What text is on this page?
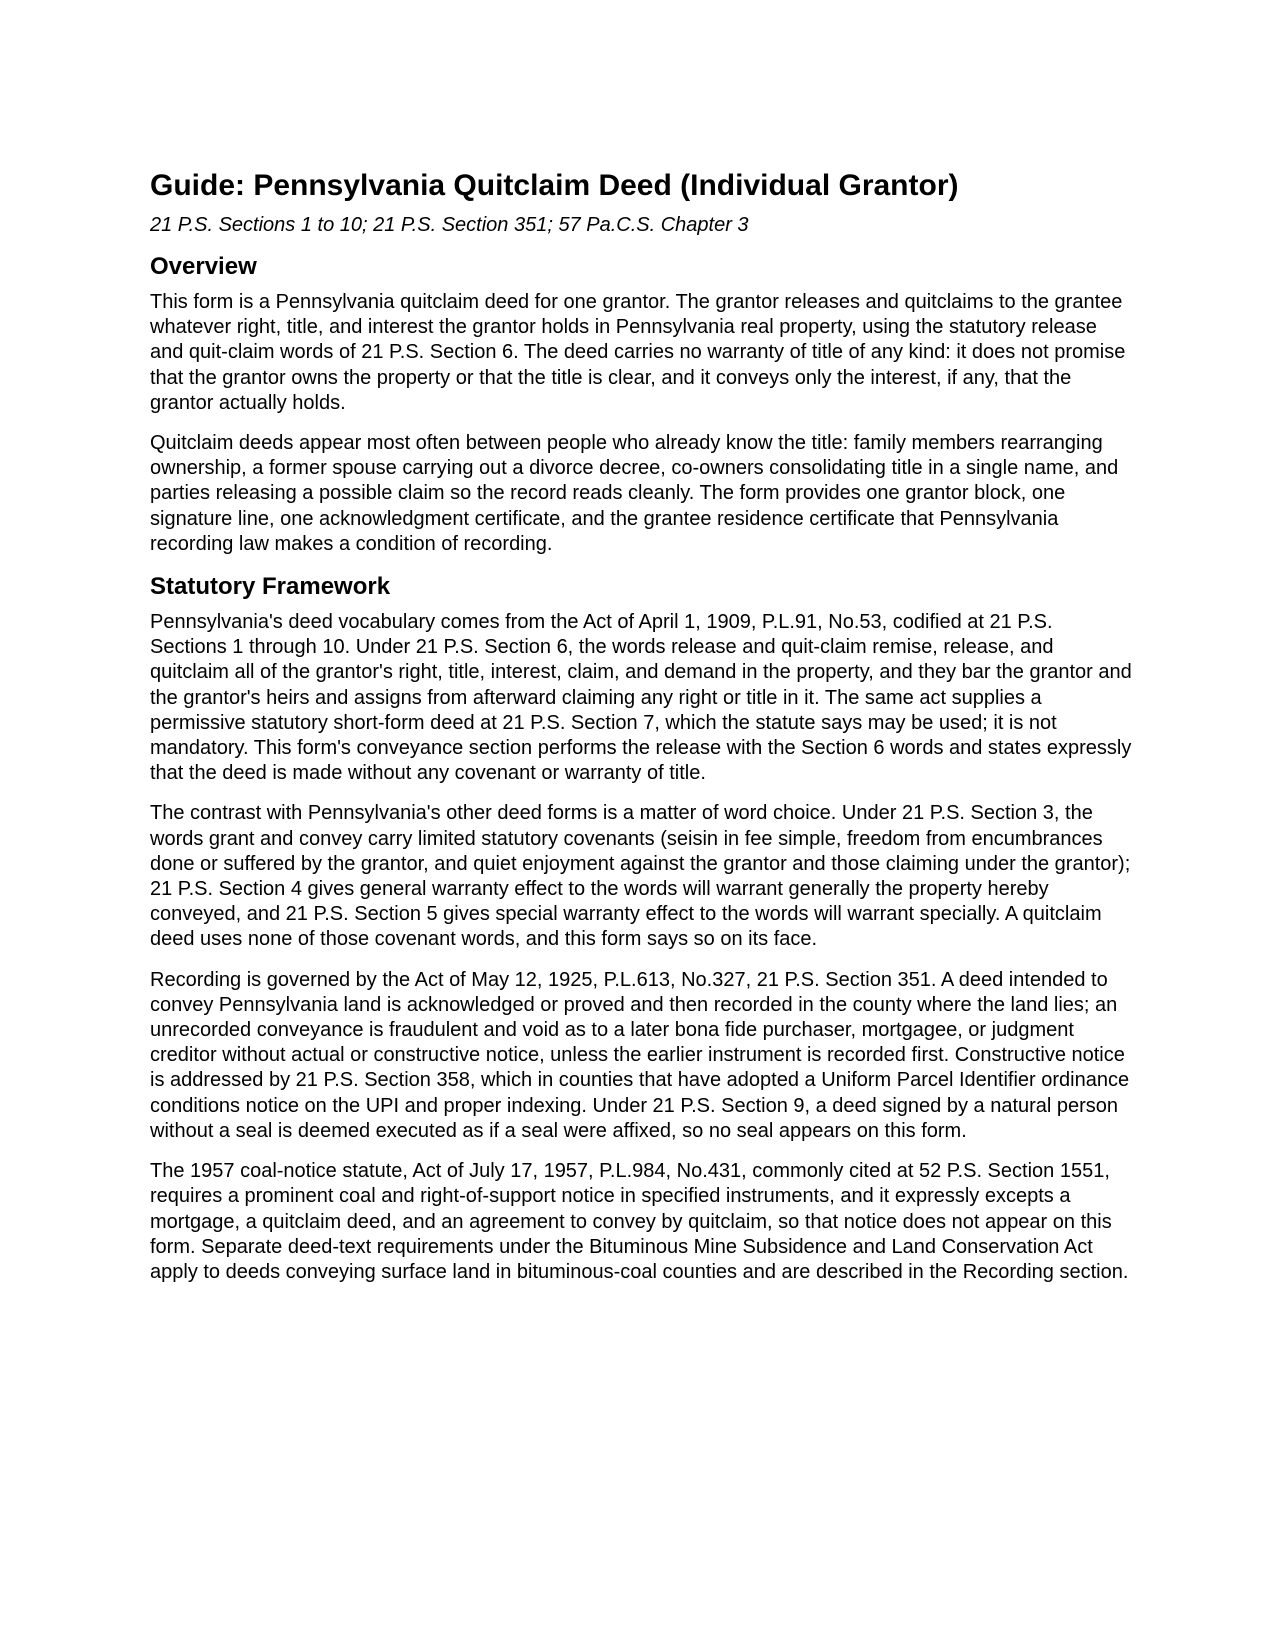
Guide: Pennsylvania Quitclaim Deed (Individual Grantor)
21 P.S. Sections 1 to 10; 21 P.S. Section 351; 57 Pa.C.S. Chapter 3
Overview

This form is a Pennsylvania quitclaim deed for one grantor. The grantor releases and quitclaims to the grantee whatever right, title, and interest the grantor holds in Pennsylvania real property, using the statutory release and quit-claim words of 21 P.S. Section 6. The deed carries no warranty of title of any kind: it does not promise that the grantor owns the property or that the title is clear, and it conveys only the interest, if any, that the grantor actually holds.

Quitclaim deeds appear most often between people who already know the title: family members rearranging ownership, a former spouse carrying out a divorce decree, co-owners consolidating title in a single name, and parties releasing a possible claim so the record reads cleanly. The form provides one grantor block, one signature line, one acknowledgment certificate, and the grantee residence certificate that Pennsylvania recording law makes a condition of recording.

Statutory Framework

Pennsylvania's deed vocabulary comes from the Act of April 1, 1909, P.L.91, No.53, codified at 21 P.S. Sections 1 through 10. Under 21 P.S. Section 6, the words release and quit-claim remise, release, and quitclaim all of the grantor's right, title, interest, claim, and demand in the property, and they bar the grantor and the grantor's heirs and assigns from afterward claiming any right or title in it. The same act supplies a permissive statutory short-form deed at 21 P.S. Section 7, which the statute says may be used; it is not mandatory. This form's conveyance section performs the release with the Section 6 words and states expressly that the deed is made without any covenant or warranty of title.

The contrast with Pennsylvania's other deed forms is a matter of word choice. Under 21 P.S. Section 3, the words grant and convey carry limited statutory covenants (seisin in fee simple, freedom from encumbrances done or suffered by the grantor, and quiet enjoyment against the grantor and those claiming under the grantor); 21 P.S. Section 4 gives general warranty effect to the words will warrant generally the property hereby conveyed, and 21 P.S. Section 5 gives special warranty effect to the words will warrant specially. A quitclaim deed uses none of those covenant words, and this form says so on its face.

Recording is governed by the Act of May 12, 1925, P.L.613, No.327, 21 P.S. Section 351. A deed intended to convey Pennsylvania land is acknowledged or proved and then recorded in the county where the land lies; an unrecorded conveyance is fraudulent and void as to a later bona fide purchaser, mortgagee, or judgment creditor without actual or constructive notice, unless the earlier instrument is recorded first. Constructive notice is addressed by 21 P.S. Section 358, which in counties that have adopted a Uniform Parcel Identifier ordinance conditions notice on the UPI and proper indexing. Under 21 P.S. Section 9, a deed signed by a natural person without a seal is deemed executed as if a seal were affixed, so no seal appears on this form.

The 1957 coal-notice statute, Act of July 17, 1957, P.L.984, No.431, commonly cited at 52 P.S. Section 1551, requires a prominent coal and right-of-support notice in specified instruments, and it expressly excepts a mortgage, a quitclaim deed, and an agreement to convey by quitclaim, so that notice does not appear on this form. Separate deed-text requirements under the Bituminous Mine Subsidence and Land Conservation Act apply to deeds conveying surface land in bituminous-coal counties and are described in the Recording section.
